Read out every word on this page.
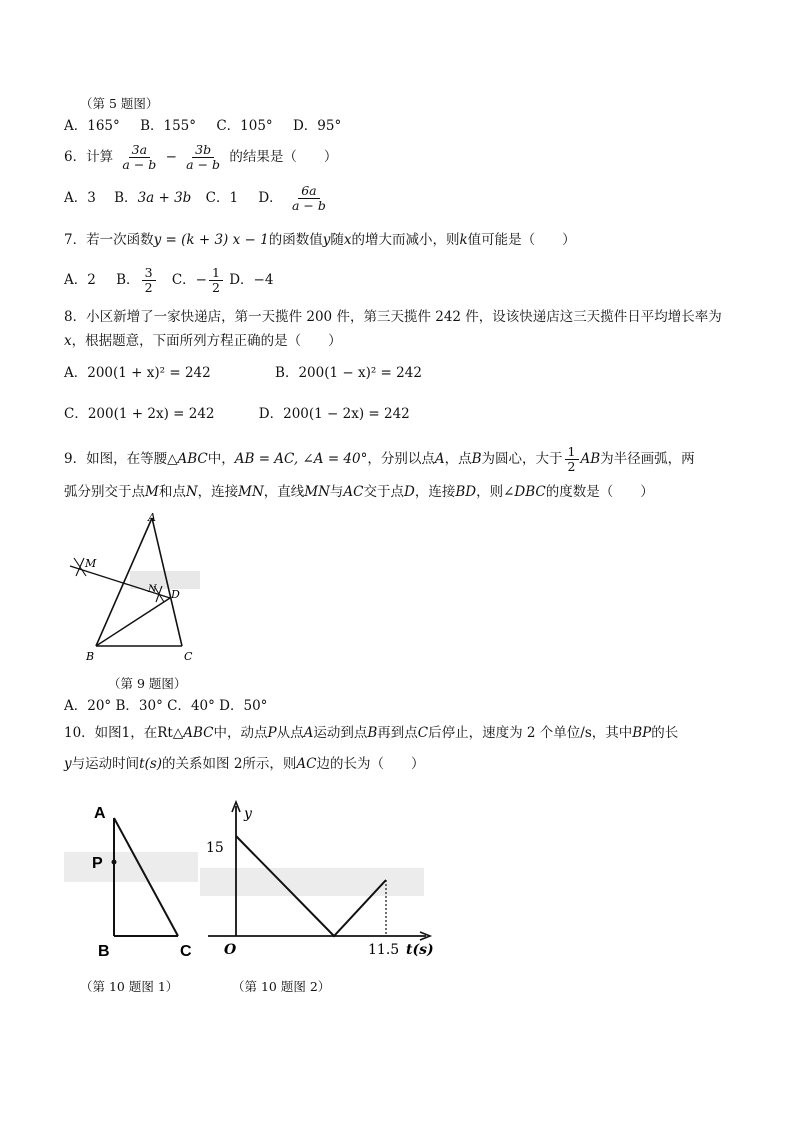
（第 5 题图）
A．165° B．155° C．105° D．95°
6．计算 $\frac{3a}{a - b} - \frac{3b}{a - b}$ 的结果是（　　）
A．3 B．3a + 3b C．1 D． $\frac{6a}{a - b}$
7．若一次函数y = (k + 3) x − 1的函数值y随x的增大而减小，则k值可能是（　　）
A．2 B． $\frac{3}{2}$ C．− $\frac{1}{2}$ D．−4
8．小区新增了一家快递店，第一天揽件 200 件，第三天揽件 242 件，设该快递店这三天揽件日平均增长率为
x，根据题意，下面所列方程正确的是（　　）
A．200(1 + x)² = 242	B．200(1 − x)² = 242
C．200(1 + 2x) = 242	D．200(1 − 2x) = 242
9．如图，在等腰△ABC中，AB = AC, ∠A = 40°，分别以点A，点B为圆心，大于 $\frac{1}{2}$ AB为半径画弧，两
弧分别交于点M和点N，连接MN，直线MN与AC交于点D，连接BD，则∠DBC的度数是（　　）
A
M
N D
B	C
（第 9 题图）
A．20° B．30° C．40° D．50°
10．如图1，在Rt△ABC中，动点P从点A运动到点B再到点C后停止，速度为 2 个单位/s，其中BP的长
y与运动时间t(s)的关系如图 2所示，则AC边的长为（　　）
A
P
B	C
y
O
15
11.5 t(s)
（第 10 题图 1）	（第 10 题图 2）
